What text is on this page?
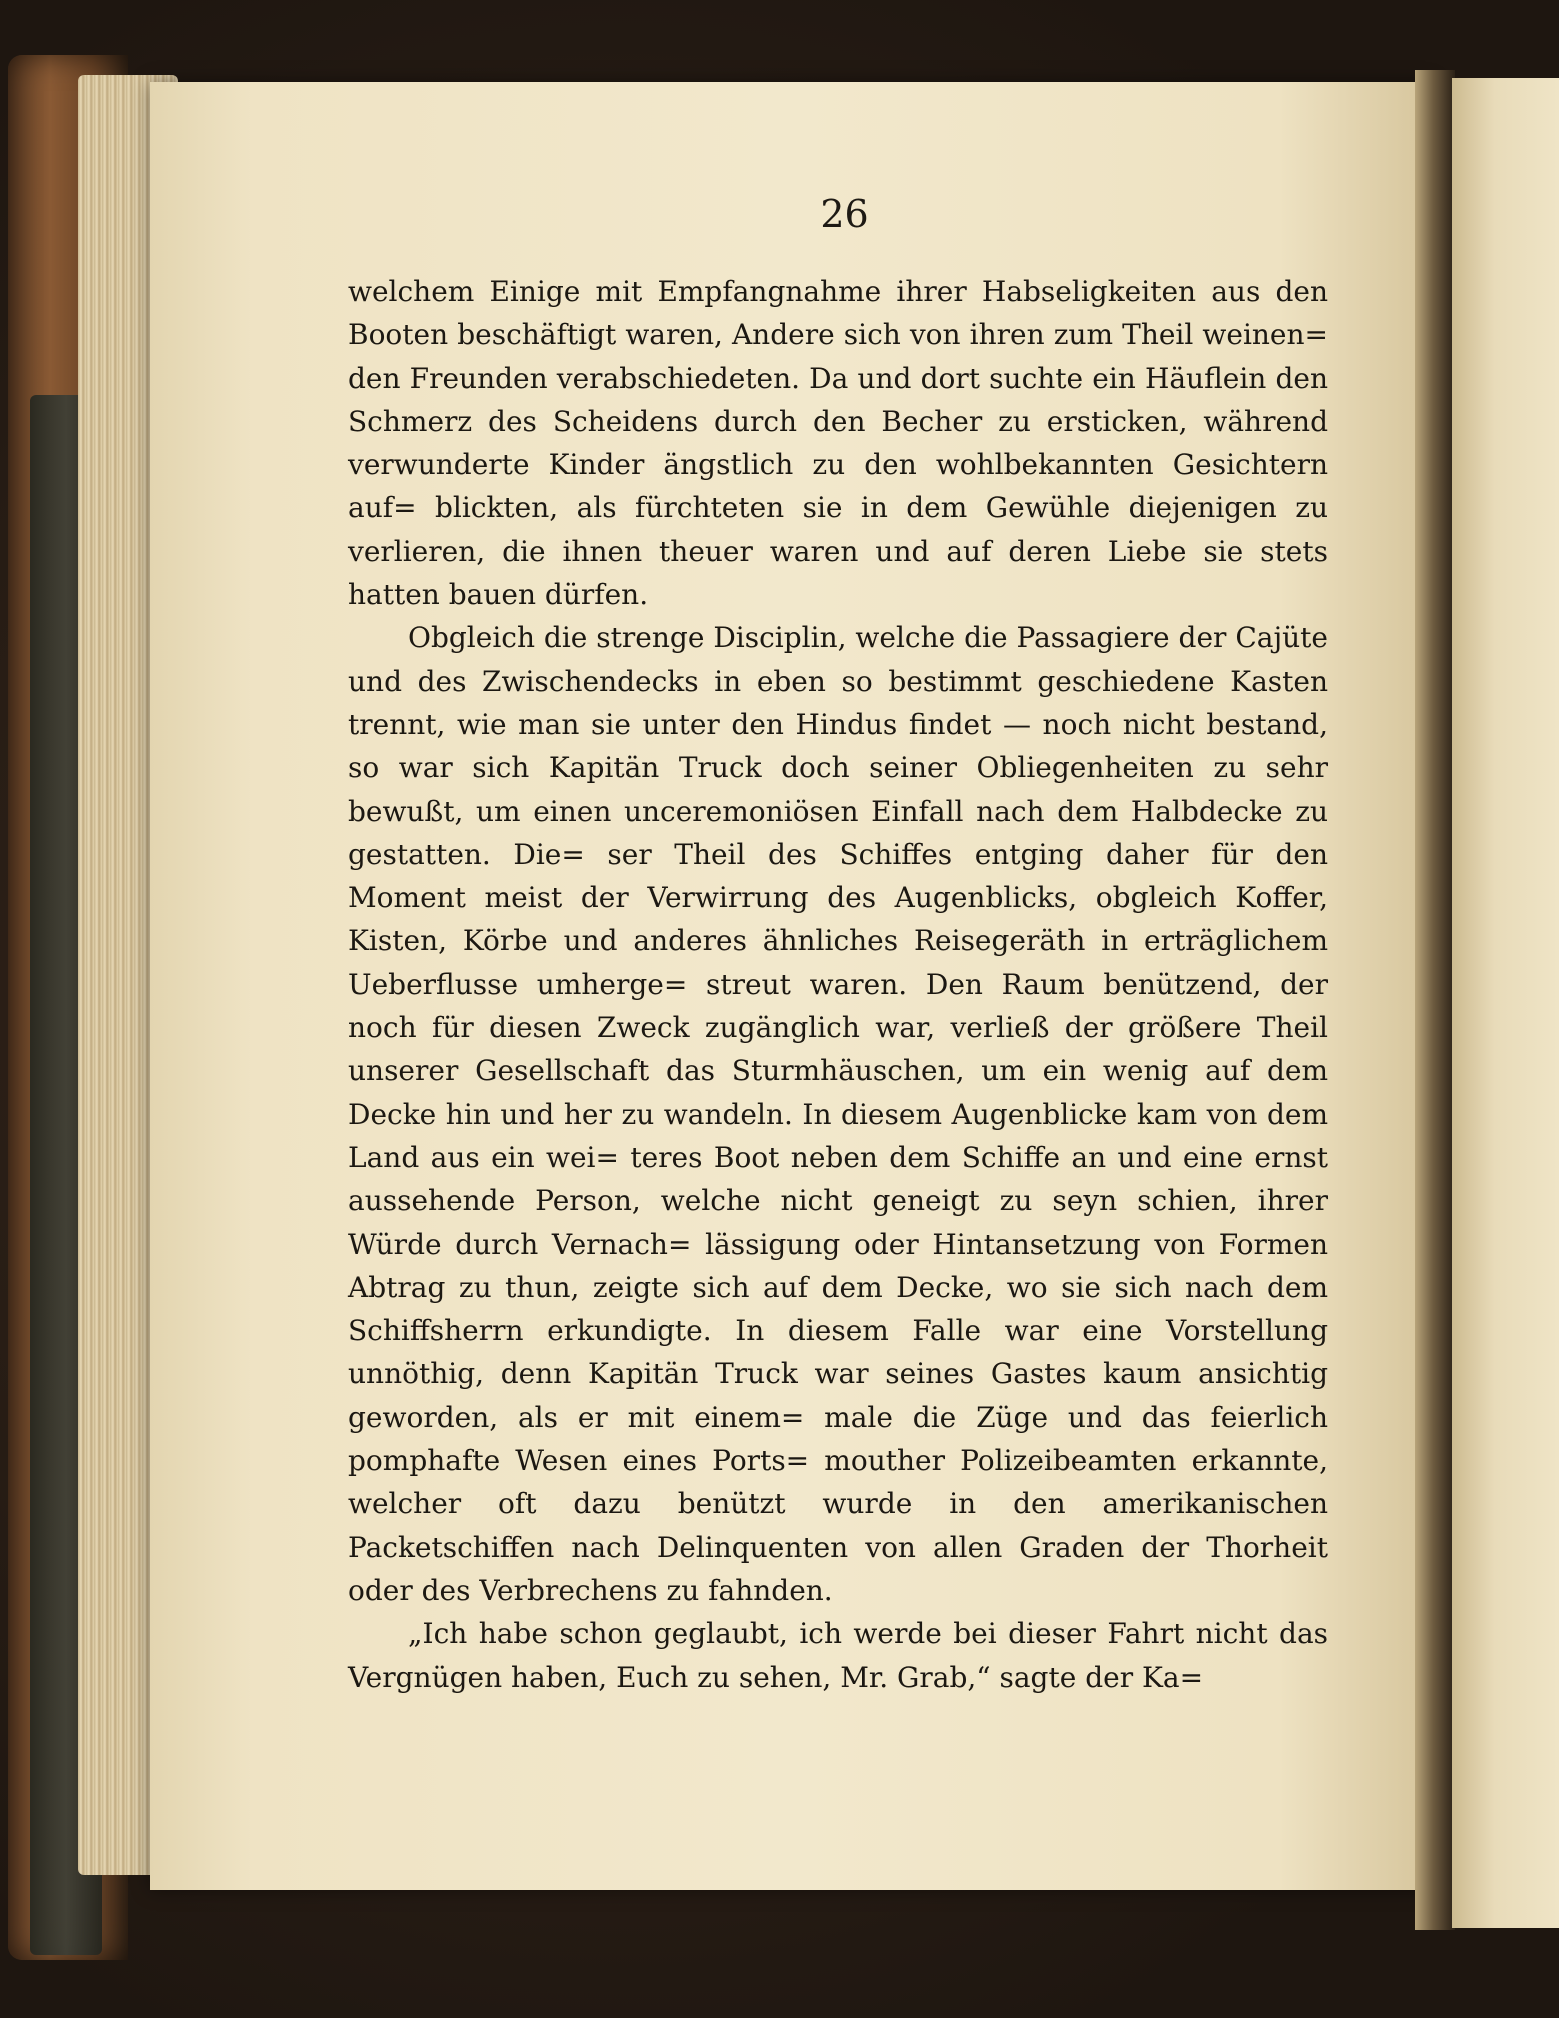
26

welchem Einige mit Empfangnahme ihrer Habseligkeiten aus den Booten beschäftigt waren, Andere sich von ihren zum Theil weinen= den Freunden verabschiedeten. Da und dort suchte ein Häuflein den Schmerz des Scheidens durch den Becher zu ersticken, während verwunderte Kinder ängstlich zu den wohlbekannten Gesichtern auf= blickten, als fürchteten sie in dem Gewühle diejenigen zu verlieren, die ihnen theuer waren und auf deren Liebe sie stets hatten bauen dürfen.

Obgleich die strenge Disciplin, welche die Passagiere der Cajüte und des Zwischendecks in eben so bestimmt geschiedene Kasten trennt, wie man sie unter den Hindus findet — noch nicht bestand, so war sich Kapitän Truck doch seiner Obliegenheiten zu sehr bewußt, um einen unceremoniösen Einfall nach dem Halbdecke zu gestatten. Die= ser Theil des Schiffes entging daher für den Moment meist der Verwirrung des Augenblicks, obgleich Koffer, Kisten, Körbe und anderes ähnliches Reisegeräth in erträglichem Ueberflusse umherge= streut waren. Den Raum benützend, der noch für diesen Zweck zugänglich war, verließ der größere Theil unserer Gesellschaft das Sturmhäuschen, um ein wenig auf dem Decke hin und her zu wandeln. In diesem Augenblicke kam von dem Land aus ein wei= teres Boot neben dem Schiffe an und eine ernst aussehende Person, welche nicht geneigt zu seyn schien, ihrer Würde durch Vernach= lässigung oder Hintansetzung von Formen Abtrag zu thun, zeigte sich auf dem Decke, wo sie sich nach dem Schiffsherrn erkundigte. In diesem Falle war eine Vorstellung unnöthig, denn Kapitän Truck war seines Gastes kaum ansichtig geworden, als er mit einem= male die Züge und das feierlich pomphafte Wesen eines Ports= mouther Polizeibeamten erkannte, welcher oft dazu benützt wurde in den amerikanischen Packetschiffen nach Delinquenten von allen Graden der Thorheit oder des Verbrechens zu fahnden.

„Ich habe schon geglaubt, ich werde bei dieser Fahrt nicht das Vergnügen haben, Euch zu sehen, Mr. Grab,“ sagte der Ka=
